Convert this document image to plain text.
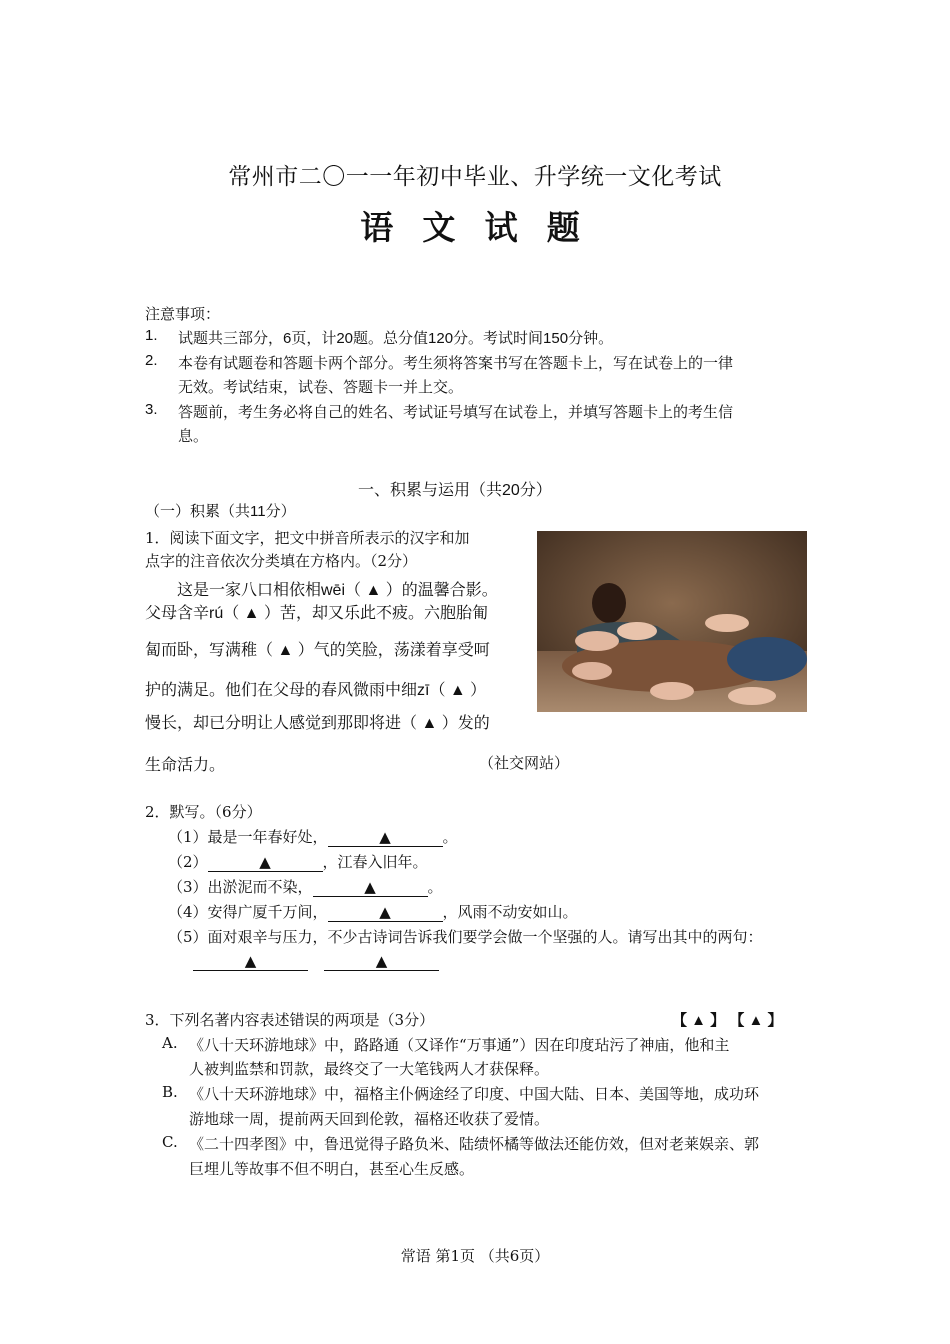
常州市二〇一一年初中毕业、升学统一文化考试
语 文 试 题
注意事项：
1. 试题共三部分，6页，计20题。总分值120分。考试时间150分钟。
2. 本卷有试题卷和答题卡两个部分。考生须将答案书写在答题卡上，写在试卷上的一律
无效。考试结束，试卷、答题卡一并上交。
3. 答题前，考生务必将自己的姓名、考试证号填写在试卷上，并填写答题卡上的考生信
息。
一、积累与运用（共20分）
（一）积累（共11分）
1．阅读下面文字，把文中拼音所表示的汉字和加
点字的注音依次分类填在方格内。（2分）
这是一家八口相依相wēi（ ▲ ）的温馨合影。
父母含辛rú（ ▲ ）苦，却又乐此不疲。六胞胎匍
匐而卧，写满稚（ ▲ ）气的笑脸，荡漾着享受呵
护的满足。他们在父母的春风微雨中细zī（ ▲ ）
慢长，却已分明让人感觉到那即将进（ ▲ ）发的
生命活力。	（社交网站）
2．默写。（6分）
（1）最是一年春好处，	▲	。
（2）	▲	，江春入旧年。
（3）出淤泥而不染，	▲	。
（4）安得广厦千万间，	▲	，风雨不动安如山。
（5）面对艰辛与压力，不少古诗词告诉我们要学会做一个坚强的人。请写出其中的两句：
▲	▲
3．下列名著内容表述错误的两项是（3分）	【 ▲ 】 【 ▲ 】
A. 《八十天环游地球》中，路路通（又译作“万事通”）因在印度玷污了神庙，他和主
人被判监禁和罚款，最终交了一大笔钱两人才获保释。
B. 《八十天环游地球》中，福格主仆俩途经了印度、中国大陆、日本、美国等地，成功环
游地球一周，提前两天回到伦敦，福格还收获了爱情。
C. 《二十四孝图》中，鲁迅觉得子路负米、陆绩怀橘等做法还能仿效，但对老莱娱亲、郭
巨埋儿等故事不但不明白，甚至心生反感。
常语 第1页 （共6页）
